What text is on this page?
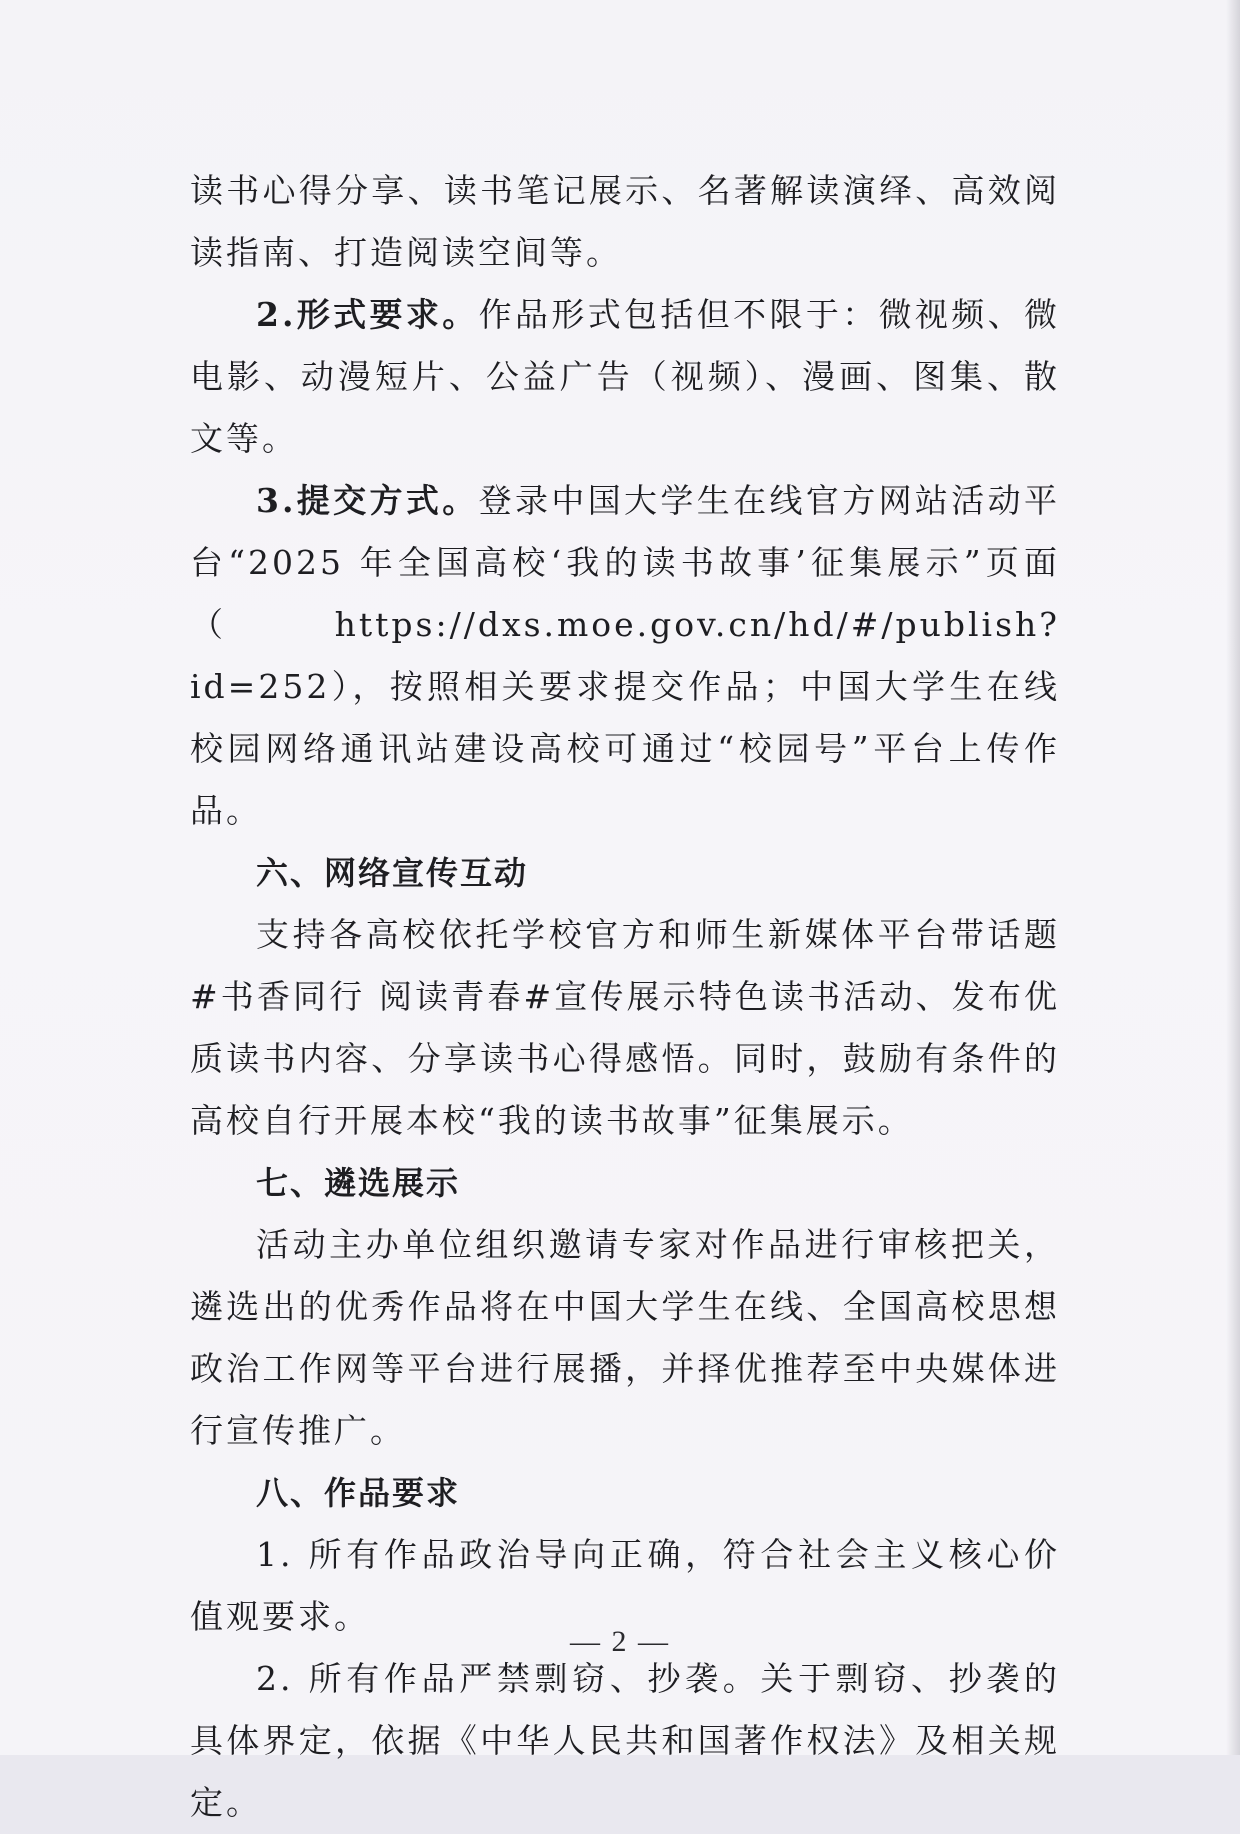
读书心得分享、读书笔记展示、名著解读演绎、高效阅读指南、打造阅读空间等。

2.形式要求。作品形式包括但不限于：微视频、微电影、动漫短片、公益广告（视频）、漫画、图集、散文等。

3.提交方式。登录中国大学生在线官方网站活动平台“2025 年全国高校‘我的读书故事’征集展示”页面（https://dxs.moe.gov.cn/hd/#/publish?id=252），按照相关要求提交作品；中国大学生在线校园网络通讯站建设高校可通过“校园号”平台上传作品。

六、网络宣传互动

支持各高校依托学校官方和师生新媒体平台带话题#书香同行 阅读青春#宣传展示特色读书活动、发布优质读书内容、分享读书心得感悟。同时，鼓励有条件的高校自行开展本校“我的读书故事”征集展示。

七、遴选展示

活动主办单位组织邀请专家对作品进行审核把关，遴选出的优秀作品将在中国大学生在线、全国高校思想政治工作网等平台进行展播，并择优推荐至中央媒体进行宣传推广。

八、作品要求

1. 所有作品政治导向正确，符合社会主义核心价值观要求。

2. 所有作品严禁剽窃、抄袭。关于剽窃、抄袭的具体界定，依据《中华人民共和国著作权法》及相关规定。

— 2 —
